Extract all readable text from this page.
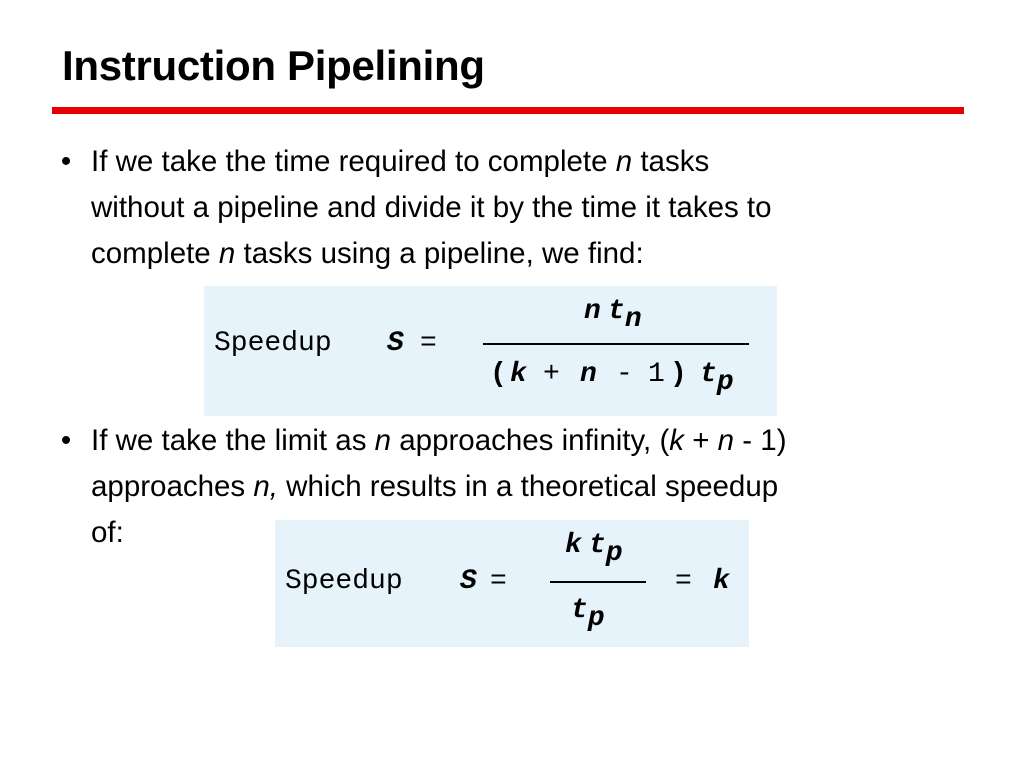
Instruction Pipelining
• If we take the time required to complete n tasks
without a pipeline and divide it by the time it takes to
complete n tasks using a pipeline, we find:
Speedup S =
n tn
( k + n - 1 ) tp
• If we take the limit as n approaches infinity, (k + n - 1)
approaches n, which results in a theoretical speedup
of:
Speedup S =
k tp
tp
= k
